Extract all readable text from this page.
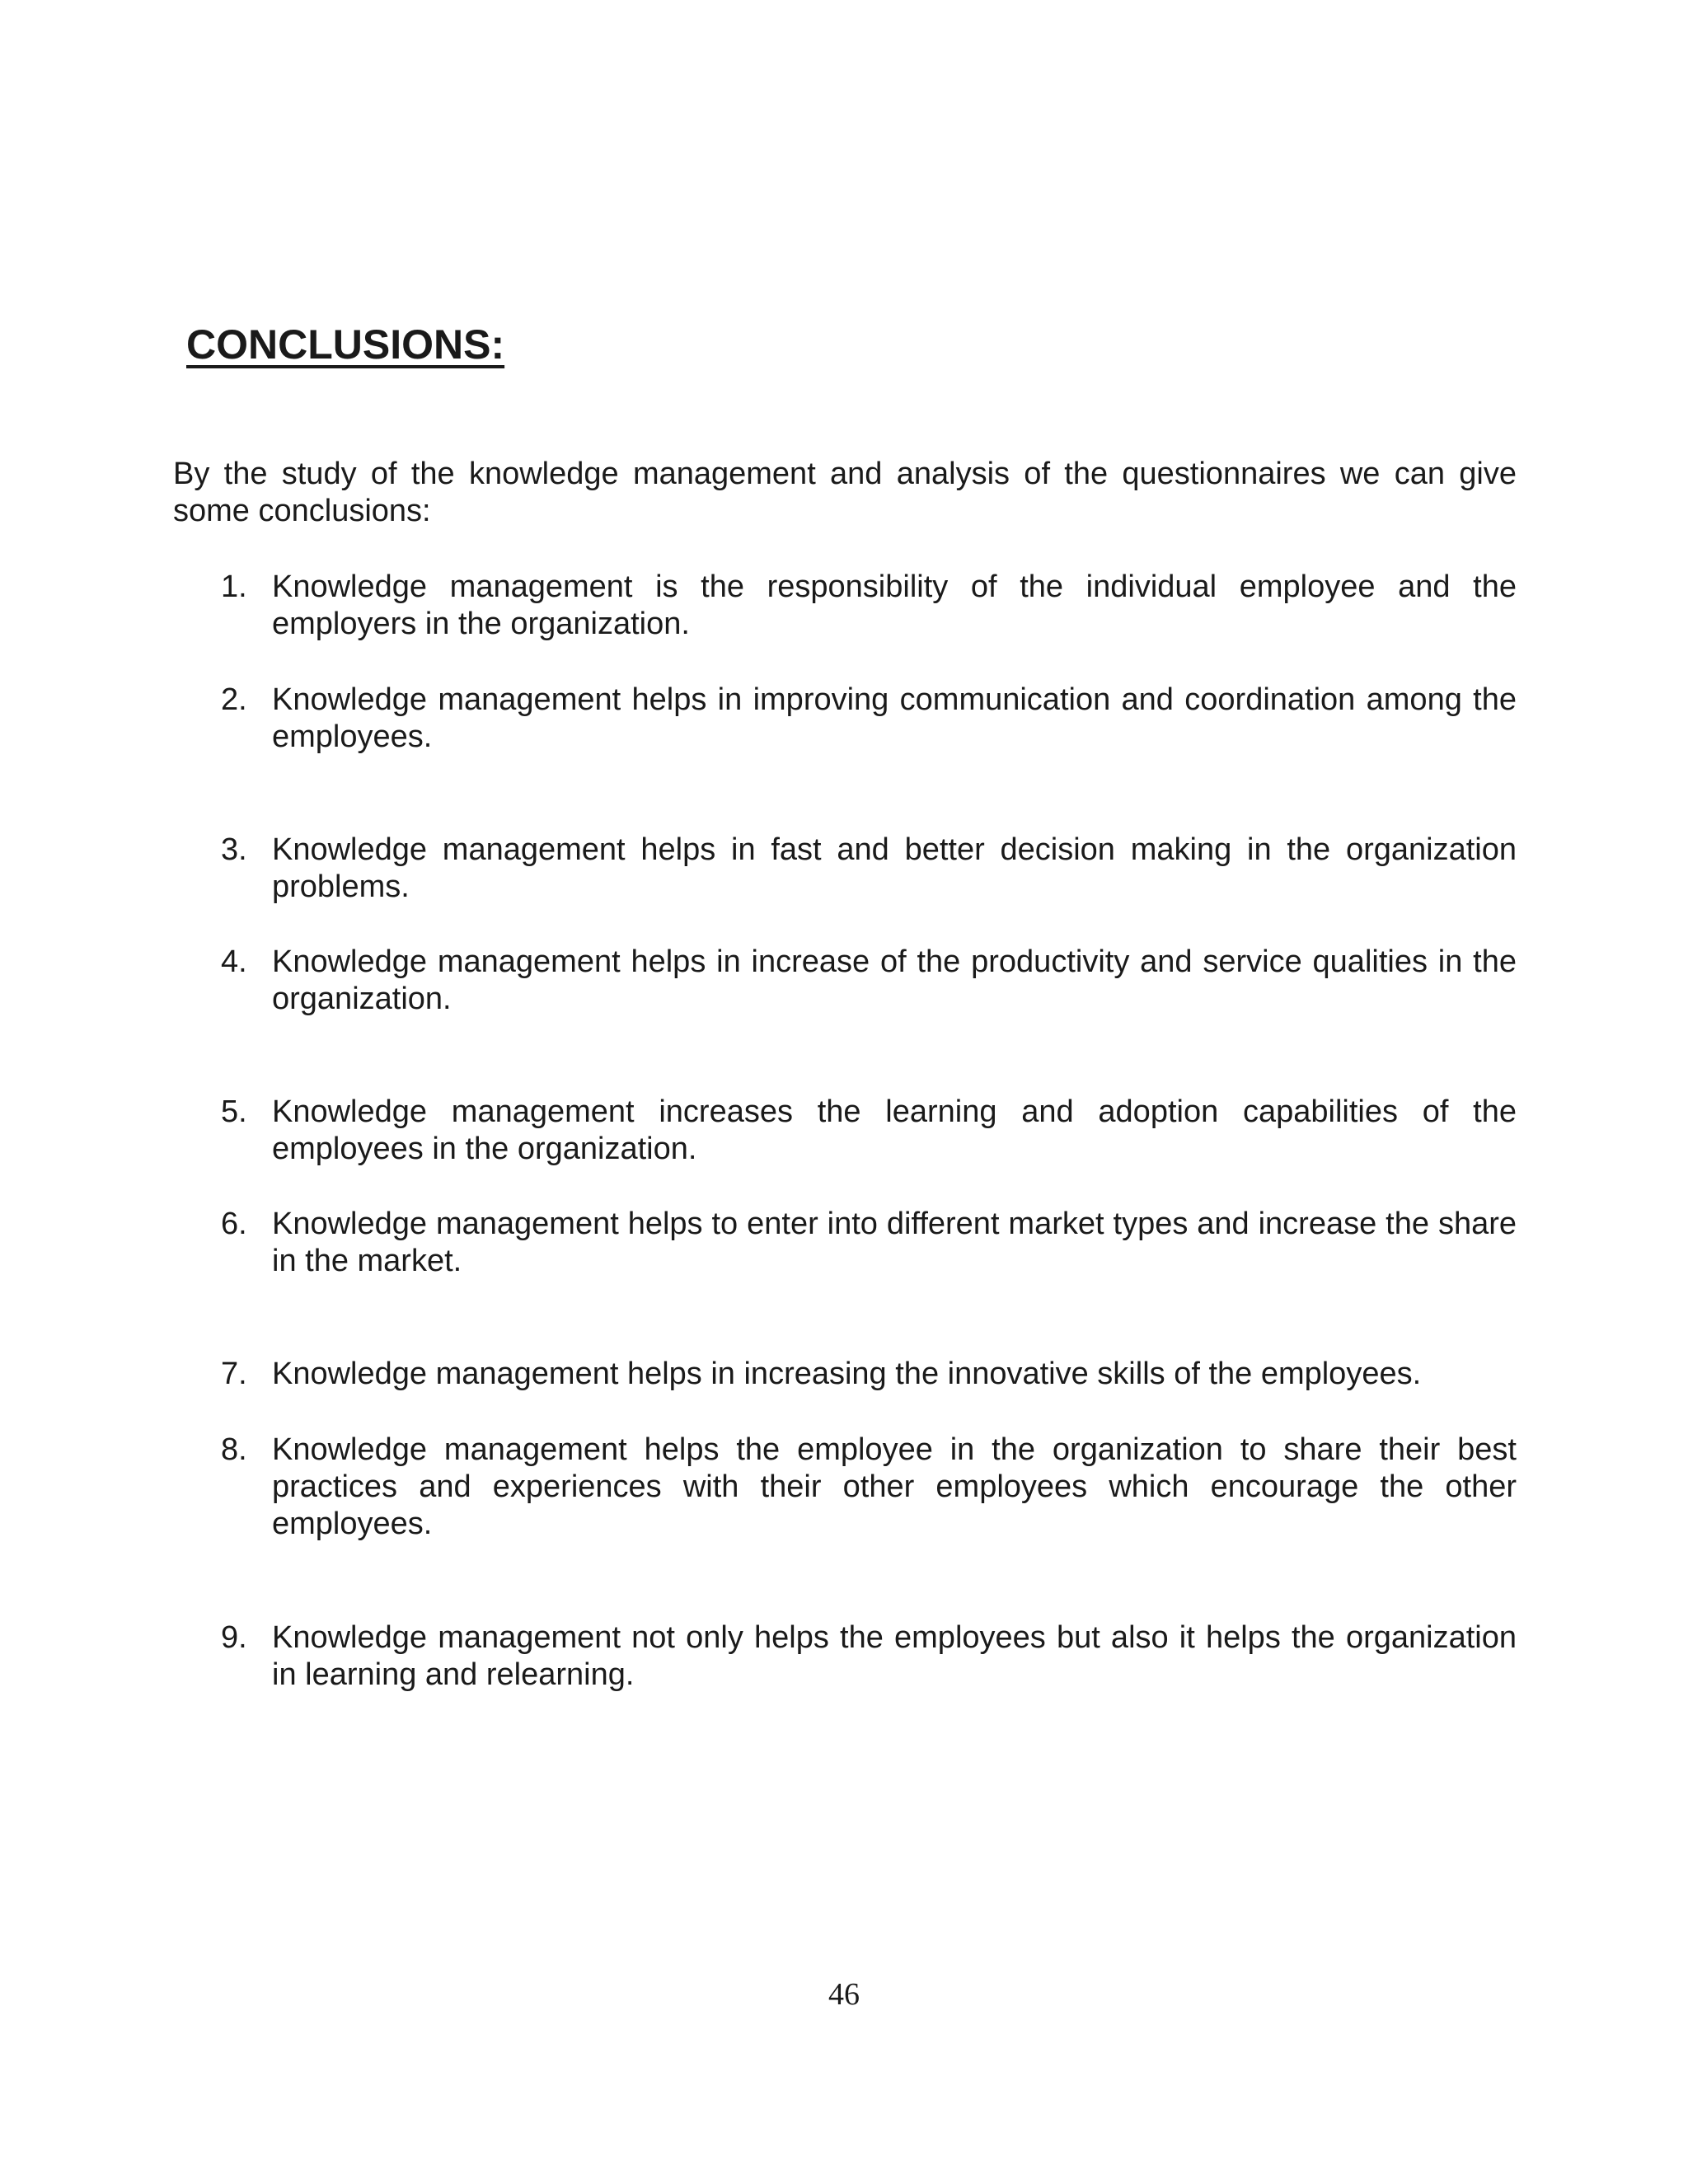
CONCLUSIONS:

By the study of the knowledge management and analysis of the questionnaires we can give some conclusions:

1. Knowledge management is the responsibility of the individual employee and the employers in the organization.
2. Knowledge management helps in improving communication and coordination among the employees.
3. Knowledge management helps in fast and better decision making in the organization problems.
4. Knowledge management helps in increase of the productivity and service qualities in the organization.
5. Knowledge management increases the learning and adoption capabilities of the employees in the organization.
6. Knowledge management helps to enter into different market types and increase the share in the market.
7. Knowledge management helps in increasing the innovative skills of the employees.
8. Knowledge management helps the employee in the organization to share their best practices and experiences with their other employees which encourage the other employees.
9. Knowledge management not only helps the employees but also it helps the organization in learning and relearning.
46
